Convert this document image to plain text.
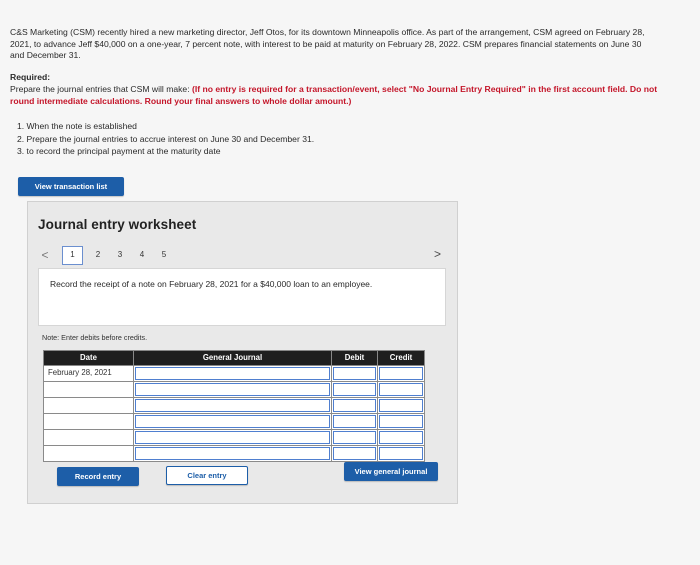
C&S Marketing (CSM) recently hired a new marketing director, Jeff Otos, for its downtown Minneapolis office. As part of the arrangement, CSM agreed on February 28, 2021, to advance Jeff $40,000 on a one-year, 7 percent note, with interest to be paid at maturity on February 28, 2022. CSM prepares financial statements on June 30 and December 31.
Required:
Prepare the journal entries that CSM will make: (If no entry is required for a transaction/event, select "No Journal Entry Required" in the first account field. Do not round intermediate calculations. Round your final answers to whole dollar amount.)
1. When the note is established
2. Prepare the journal entries to accrue interest on June 30 and December 31.
3. to record the principal payment at the maturity date
View transaction list
Journal entry worksheet
<	1	2	3	4	5	>
Record the receipt of a note on February 28, 2021 for a $40,000 loan to an employee.
Note: Enter debits before credits.
Date	General Journal	Debit	Credit
February 28, 2021	

Record entry	Clear entry	View general journal
